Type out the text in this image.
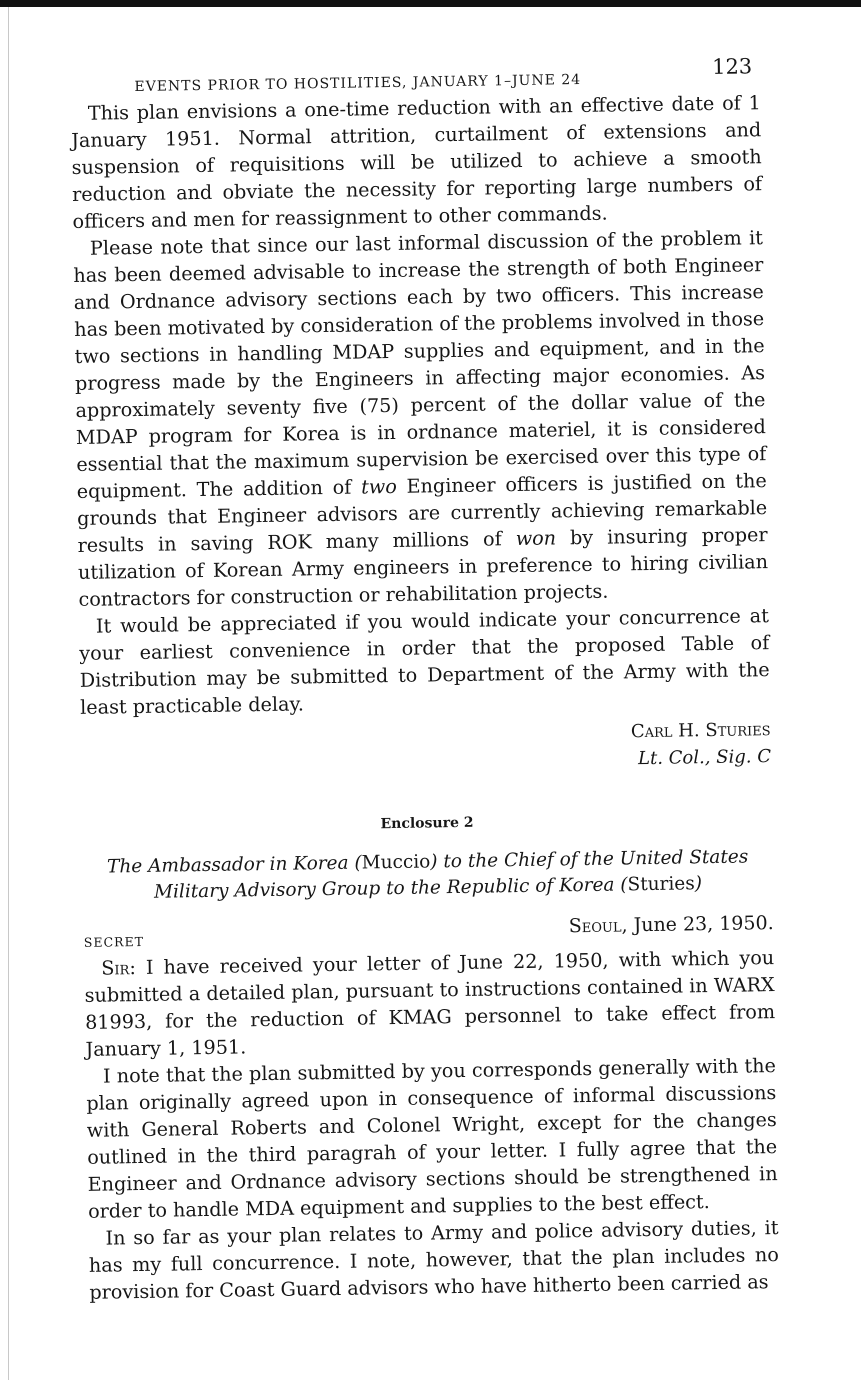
EVENTS PRIOR TO HOSTILITIES, JANUARY 1–JUNE 24
123

This plan envisions a one-time reduction with an effective date of 1 January 1951. Normal attrition, curtailment of extensions and suspension of requisitions will be utilized to achieve a smooth reduction and obviate the necessity for reporting large numbers of officers and men for reassignment to other commands.

Please note that since our last informal discussion of the problem it has been deemed advisable to increase the strength of both Engineer and Ordnance advisory sections each by two officers. This increase has been motivated by consideration of the problems involved in those two sections in handling MDAP supplies and equipment, and in the progress made by the Engineers in affecting major economies. As approximately seventy five (75) percent of the dollar value of the MDAP program for Korea is in ordnance materiel, it is considered essential that the maximum supervision be exercised over this type of equipment. The addition of two Engineer officers is justified on the grounds that Engineer advisors are currently achieving remarkable results in saving ROK many millions of won by insuring proper utilization of Korean Army engineers in preference to hiring civilian contractors for construction or rehabilitation projects.

It would be appreciated if you would indicate your concurrence at your earliest convenience in order that the proposed Table of Distribution may be submitted to Department of the Army with the least practicable delay.

Carl H. Sturies
Lt. Col., Sig. C
Enclosure 2
The Ambassador in Korea (Muccio) to the Chief of the United States Military Advisory Group to the Republic of Korea (Sturies)
SECRET
Seoul, June 23, 1950.

Sir: I have received your letter of June 22, 1950, with which you submitted a detailed plan, pursuant to instructions contained in WARX 81993, for the reduction of KMAG personnel to take effect from January 1, 1951.

I note that the plan submitted by you corresponds generally with the plan originally agreed upon in consequence of informal discussions with General Roberts and Colonel Wright, except for the changes outlined in the third paragrah of your letter. I fully agree that the Engineer and Ordnance advisory sections should be strengthened in order to handle MDA equipment and supplies to the best effect.

In so far as your plan relates to Army and police advisory duties, it has my full concurrence. I note, however, that the plan includes no provision for Coast Guard advisors who have hitherto been carried as
